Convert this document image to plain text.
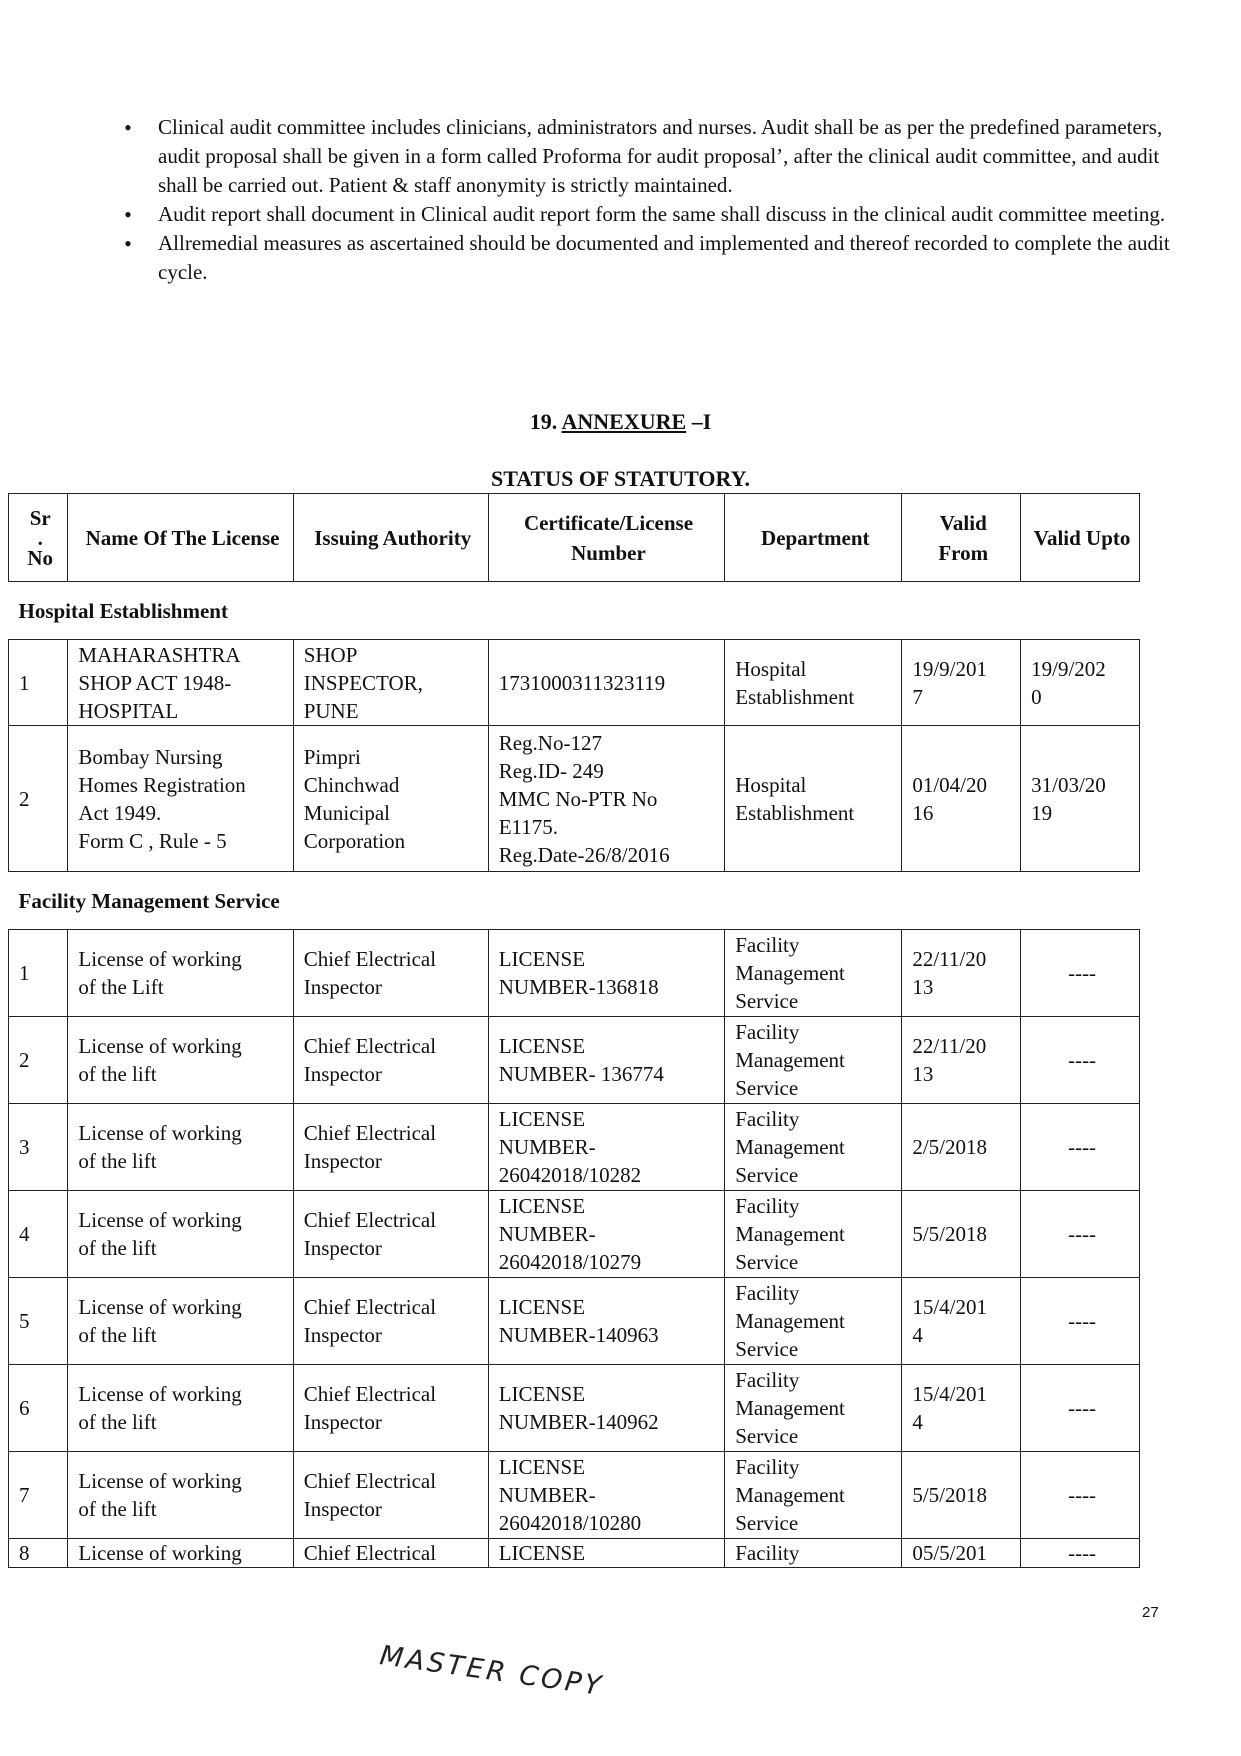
• Clinical audit committee includes clinicians, administrators and nurses. Audit shall be as per the predefined parameters, audit proposal shall be given in a form called Proforma for audit proposal’, after the clinical audit committee, and audit shall be carried out. Patient & staff anonymity is strictly maintained.
• Audit report shall document in Clinical audit report form the same shall discuss in the clinical audit committee meeting.
• Allremedial measures as ascertained should be documented and implemented and thereof recorded to complete the audit cycle.
19. ANNEXURE –I
STATUS OF STATUTORY.
Sr
.
No	Name Of The License	Issuing Authority	Certificate/License Number	Department	Valid From	Valid Upto
Hospital Establishment						
1	MAHARASHTRA
SHOP ACT 1948-
HOSPITAL	SHOP
INSPECTOR,
PUNE	1731000311323119	Hospital
Establishment	19/9/201
7	19/9/202
0

2	Bombay Nursing
Homes Registration
Act 1949.
Form C , Rule - 5	Pimpri
Chinchwad
Municipal
Corporation	Reg.No-127
Reg.ID- 249
MMC No-PTR No
E1175.
Reg.Date-26/8/2016	Hospital
Establishment	01/04/20
16	31/03/20
19

Facility Management Service						
1	License of working
of the Lift	Chief Electrical
Inspector	LICENSE
NUMBER-136818	Facility
Management
Service	22/11/20
13	----

2	License of working
of the lift	Chief Electrical
Inspector	LICENSE
NUMBER- 136774	Facility
Management
Service	22/11/20
13	----

3	License of working
of the lift	Chief Electrical
Inspector	LICENSE
NUMBER-
26042018/10282	Facility
Management
Service	2/5/2018	----

4	License of working
of the lift	Chief Electrical
Inspector	LICENSE
NUMBER-
26042018/10279	Facility
Management
Service	5/5/2018	----

5	License of working
of the lift	Chief Electrical
Inspector	LICENSE
NUMBER-140963	Facility
Management
Service	15/4/201
4	----

6	License of working
of the lift	Chief Electrical
Inspector	LICENSE
NUMBER-140962	Facility
Management
Service	15/4/201
4	----

7	License of working
of the lift	Chief Electrical
Inspector	LICENSE
NUMBER-
26042018/10280	Facility
Management
Service	5/5/2018	----

8	License of working	Chief Electrical	LICENSE	Facility	05/5/201	----
27
MASTER COPY
